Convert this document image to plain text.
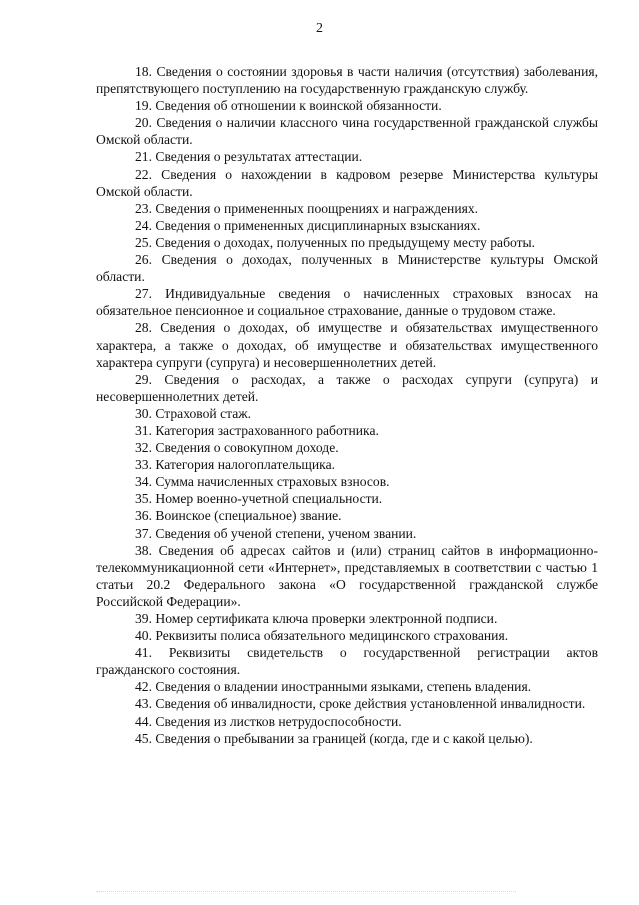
2

18. Сведения о состоянии здоровья в части наличия (отсутствия) заболевания, препятствующего поступлению на государственную гражданскую службу.

19. Сведения об отношении к воинской обязанности.

20. Сведения о наличии классного чина государственной гражданской службы Омской области.

21. Сведения о результатах аттестации.

22. Сведения о нахождении в кадровом резерве Министерства культуры Омской области.

23. Сведения о примененных поощрениях и награждениях.

24. Сведения о примененных дисциплинарных взысканиях.

25. Сведения о доходах, полученных по предыдущему месту работы.

26. Сведения о доходах, полученных в Министерстве культуры Омской области.

27. Индивидуальные сведения о начисленных страховых взносах на обязательное пенсионное и социальное страхование, данные о трудовом стаже.

28. Сведения о доходах, об имуществе и обязательствах имущественного характера, а также о доходах, об имуществе и обязательствах имущественного характера супруги (супруга) и несовершеннолетних детей.

29. Сведения о расходах, а также о расходах супруги (супруга) и несовершеннолетних детей.

30. Страховой стаж.

31. Категория застрахованного работника.

32. Сведения о совокупном доходе.

33. Категория налогоплательщика.

34. Сумма начисленных страховых взносов.

35. Номер военно-учетной специальности.

36. Воинское (специальное) звание.

37. Сведения об ученой степени, ученом звании.

38. Сведения об адресах сайтов и (или) страниц сайтов в информационно-телекоммуникационной сети «Интернет», представляемых в соответствии с частью 1 статьи 20.2 Федерального закона «О государственной гражданской службе Российской Федерации».

39. Номер сертификата ключа проверки электронной подписи.

40. Реквизиты полиса обязательного медицинского страхования.

41. Реквизиты свидетельств о государственной регистрации актов гражданского состояния.

42. Сведения о владении иностранными языками, степень владения.

43. Сведения об инвалидности, сроке действия установленной инвалидности.

44. Сведения из листков нетрудоспособности.

45. Сведения о пребывании за границей (когда, где и с какой целью).
